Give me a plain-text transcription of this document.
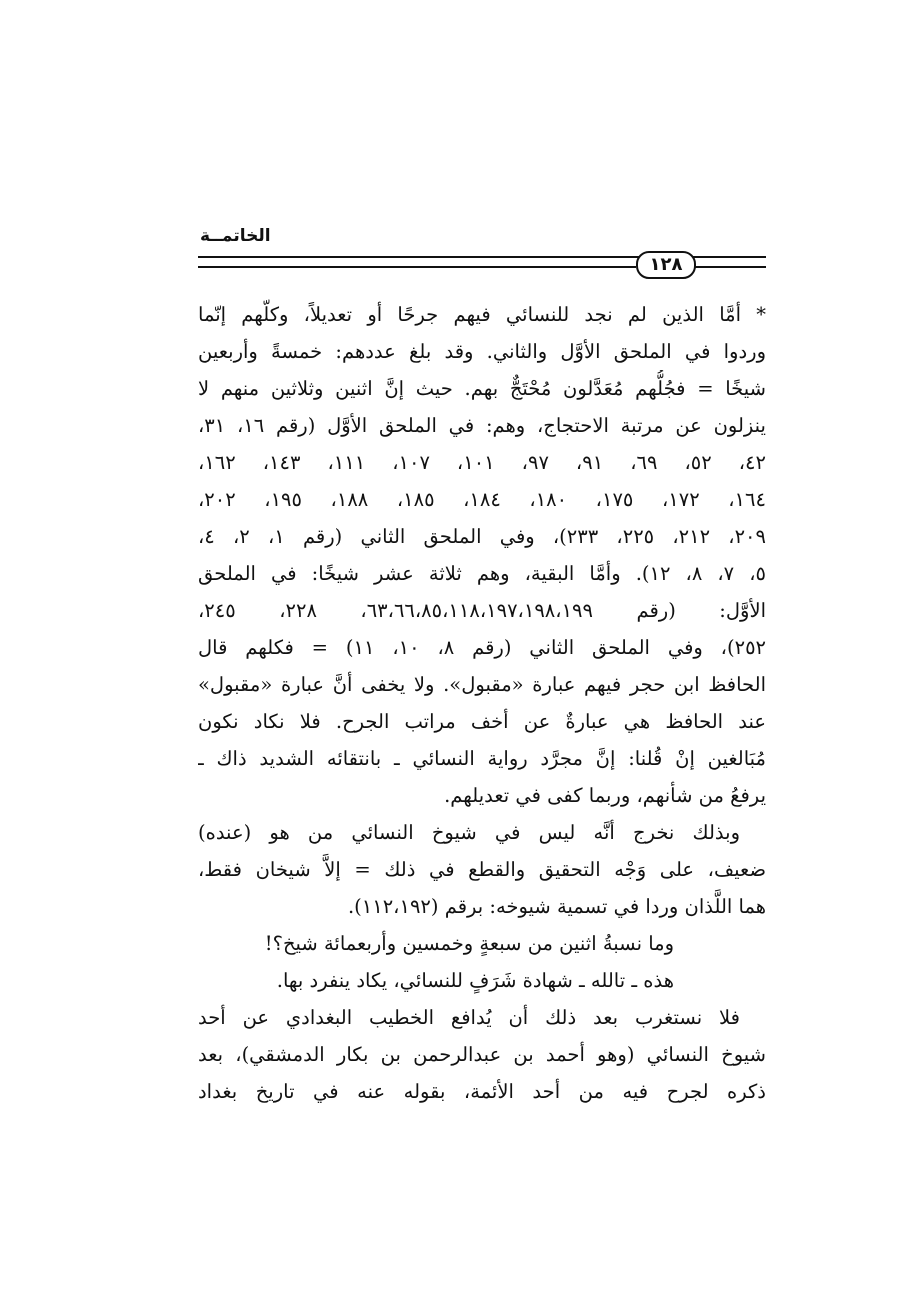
الخاتمــة
١٢٨
* أمَّا الذين لم نجد للنسائي فيهم جرحًا أو تعديلاً، وكلّهم إنّما
وردوا في الملحق الأوَّل والثاني. وقد بلغ عددهم: خمسةً وأربعين
شيخًا = فجُلُّهم مُعَدَّلون مُحْتَجٌّ بهم. حيث إنَّ اثنين وثلاثين منهم لا
ينزلون عن مرتبة الاحتجاج، وهم: في الملحق الأوَّل (رقم ١٦، ٣١،
٤٢، ٥٢، ٦٩، ٩١، ٩٧، ١٠١، ١٠٧، ١١١، ١٤٣، ١٦٢،
١٦٤، ١٧٢، ١٧٥، ١٨٠، ١٨٤، ١٨٥، ١٨٨، ١٩٥، ٢٠٢،
٢٠٩، ٢١٢، ٢٢٥، ٢٣٣)، وفي الملحق الثاني (رقم ١، ٢، ٤،
٥، ٧، ٨، ١٢). وأمَّا البقية، وهم ثلاثة عشر شيخًا: في الملحق
الأوَّل: (رقم ٦٣،٦٦،٨٥،١١٨،١٩٧،١٩٨،١٩٩، ٢٢٨، ٢٤٥،
٢٥٢)، وفي الملحق الثاني (رقم ٨، ١٠، ١١) = فكلهم قال
الحافظ ابن حجر فيهم عبارة «مقبول». ولا يخفى أنَّ عبارة «مقبول»
عند الحافظ هي عبارةٌ عن أخف مراتب الجرح. فلا نكاد نكون
مُبَالغين إنْ قُلنا: إنَّ مجرَّد رواية النسائي ـ بانتقائه الشديد ذاك ـ
يرفعُ من شأنهم، وربما كفى في تعديلهم.
وبذلك نخرج أنَّه ليس في شيوخ النسائي من هو (عنده)
ضعيف، على وَجْه التحقيق والقطع في ذلك = إلاَّ شيخان فقط،
هما اللَّذان وردا في تسمية شيوخه: برقم (١١٢،١٩٢).
وما نسبةُ اثنين من سبعةٍ وخمسين وأربعمائة شيخ؟!
هذه ـ تالله ـ شهادة شَرَفٍ للنسائي، يكاد ينفرد بها.
فلا نستغرب بعد ذلك أن يُدافع الخطيب البغدادي عن أحد
شيوخ النسائي (وهو أحمد بن عبدالرحمن بن بكار الدمشقي)، بعد
ذكره لجرح فيه من أحد الأئمة، بقوله عنه في تاريخ بغداد
